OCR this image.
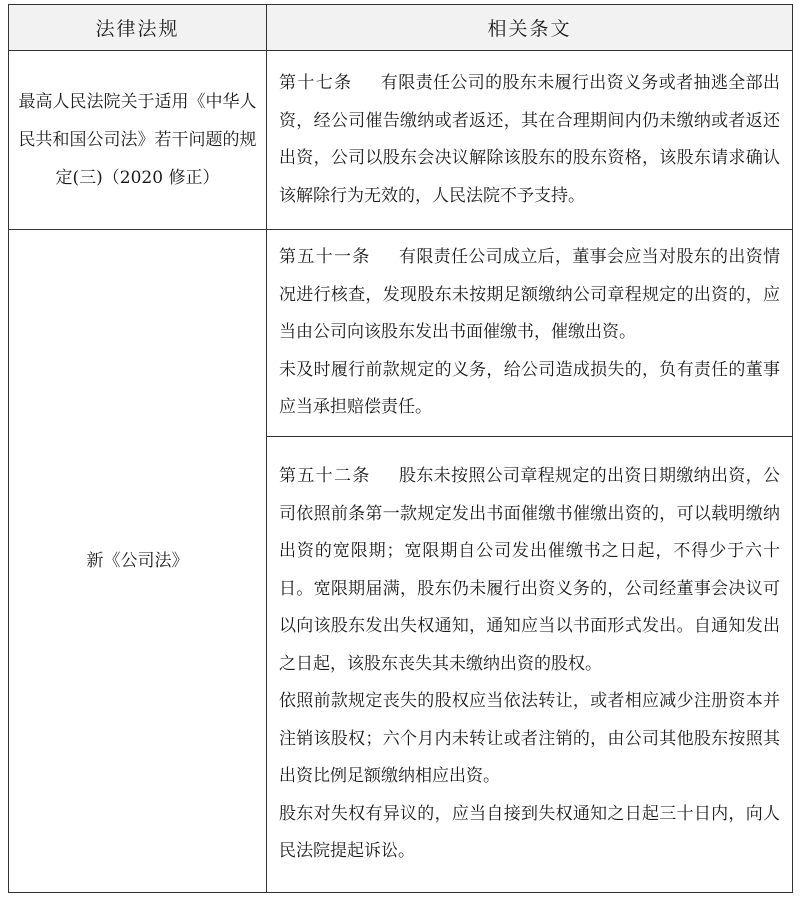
法律法规	相关条文
最高人民法院关于适用《中华人民共和国公司法》若干问题的规定(三)（2020 修正）	第十七条 有限责任公司的股东未履行出资义务或者抽逃全部出资，经公司催告缴纳或者返还，其在合理期间内仍未缴纳或者返还出资，公司以股东会决议解除该股东的股东资格，该股东请求确认该解除行为无效的，人民法院不予支持。

新《公司法》	第五十一条 有限责任公司成立后，董事会应当对股东的出资情况进行核查，发现股东未按期足额缴纳公司章程规定的出资的，应当由公司向该股东发出书面催缴书，催缴出资。

未及时履行前款规定的义务，给公司造成损失的，负有责任的董事应当承担赔偿责任。

	第五十二条 股东未按照公司章程规定的出资日期缴纳出资，公司依照前条第一款规定发出书面催缴书催缴出资的，可以载明缴纳出资的宽限期；宽限期自公司发出催缴书之日起，不得少于六十日。宽限期届满，股东仍未履行出资义务的，公司经董事会决议可以向该股东发出失权通知，通知应当以书面形式发出。自通知发出之日起，该股东丧失其未缴纳出资的股权。

依照前款规定丧失的股权应当依法转让，或者相应减少注册资本并注销该股权；六个月内未转让或者注销的，由公司其他股东按照其出资比例足额缴纳相应出资。

股东对失权有异议的，应当自接到失权通知之日起三十日内，向人民法院提起诉讼。
